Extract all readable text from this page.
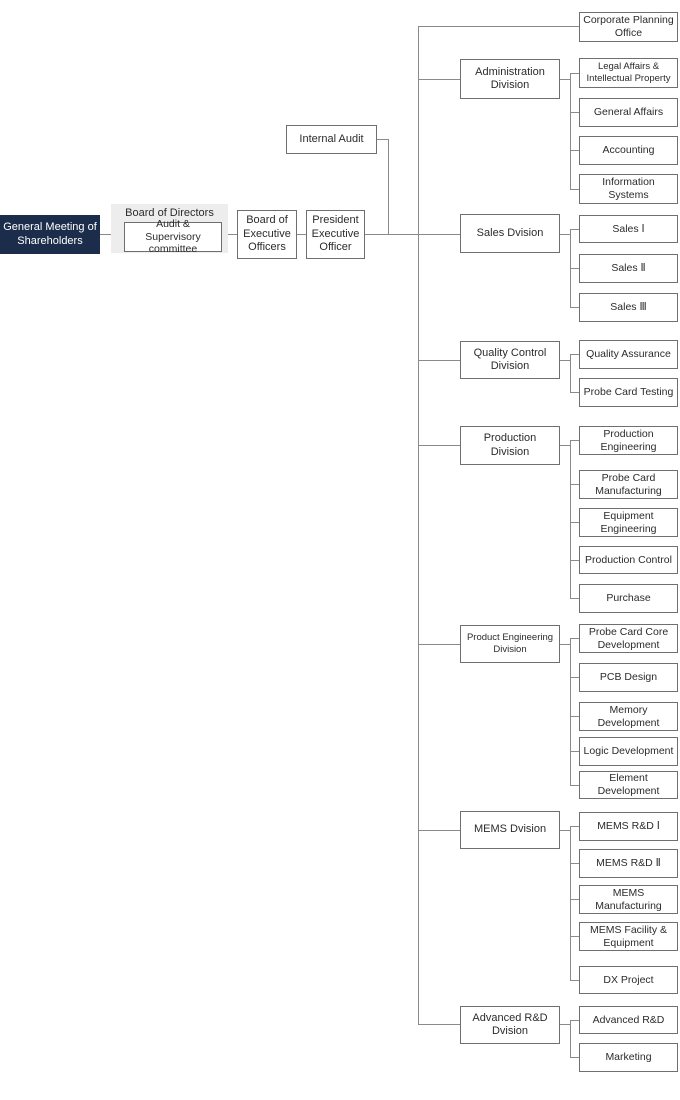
General Meeting of Shareholders
Board of Directors
Audit & Supervisory committee
Board of Executive Officers
President Executive Officer
Internal Audit
Corporate Planning Office
Administration Division
Sales Dvision
Quality Control Division
Production Division
Product Engineering Division
MEMS Dvision
Advanced R&D Dvision
Legal Affairs & Intellectual Property
General Affairs
Accounting
Information Systems
Sales Ⅰ
Sales Ⅱ
Sales Ⅲ
Quality Assurance
Probe Card Testing
Production Engineering
Probe Card Manufacturing
Equipment Engineering
Production Control
Purchase
Probe Card Core Development
PCB Design
Memory Development
Logic Development
Element Development
MEMS R&D Ⅰ
MEMS R&D Ⅱ
MEMS Manufacturing
MEMS Facility & Equipment
DX Project
Advanced R&D
Marketing
